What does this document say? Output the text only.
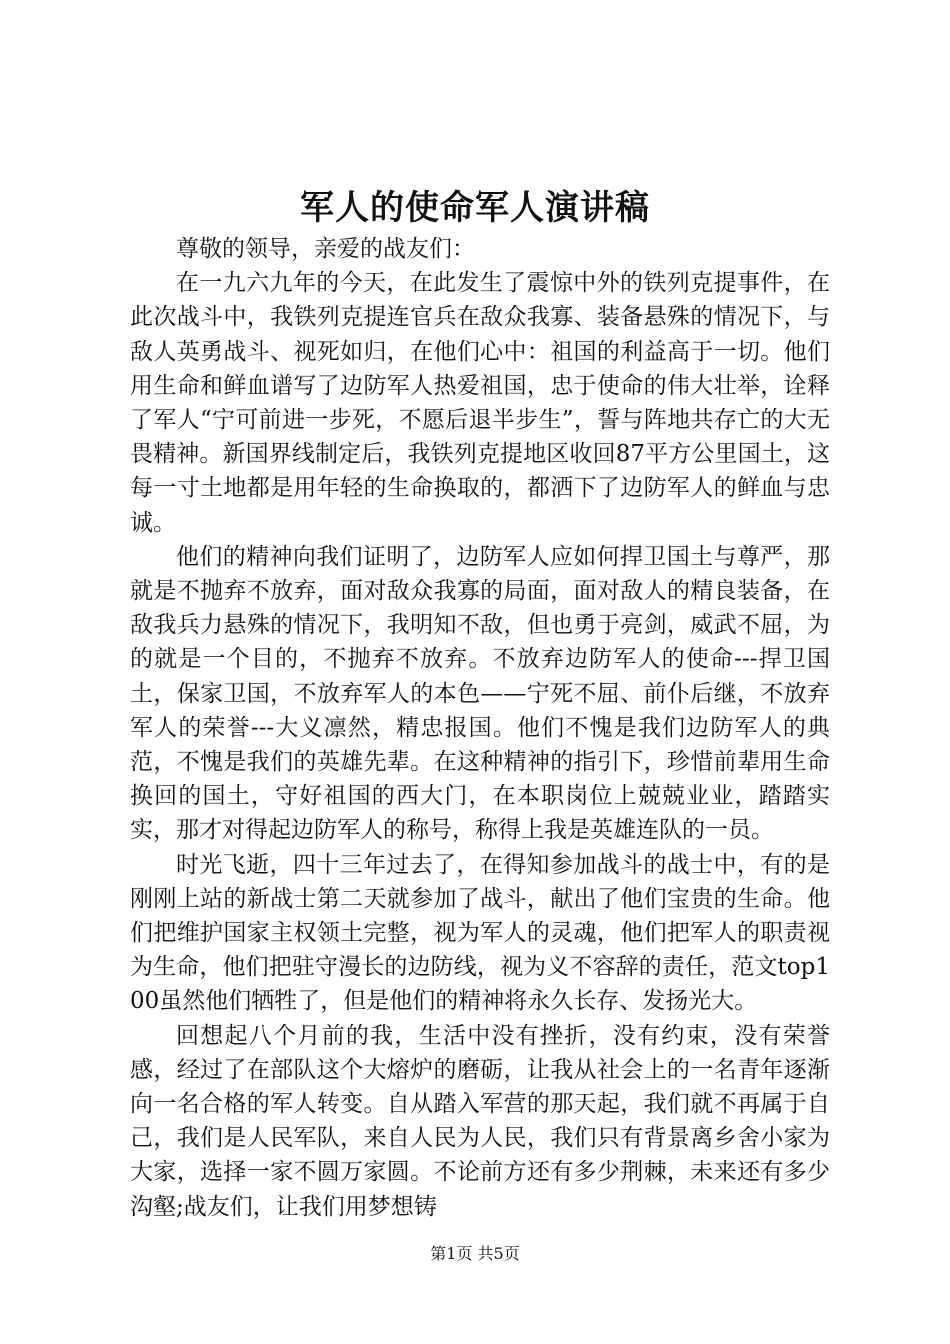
军人的使命军人演讲稿

尊敬的领导，亲爱的战友们：

在一九六九年的今天，在此发生了震惊中外的铁列克提事件，在此次战斗中，我铁列克提连官兵在敌众我寡、装备悬殊的情况下，与敌人英勇战斗、视死如归，在他们心中：祖国的利益高于一切。他们用生命和鲜血谱写了边防军人热爱祖国，忠于使命的伟大壮举，诠释了军人“宁可前进一步死，不愿后退半步生”，誓与阵地共存亡的大无畏精神。新国界线制定后，我铁列克提地区收回87平方公里国土，这每一寸土地都是用年轻的生命换取的，都洒下了边防军人的鲜血与忠诚。

他们的精神向我们证明了，边防军人应如何捍卫国土与尊严，那就是不抛弃不放弃，面对敌众我寡的局面，面对敌人的精良装备，在敌我兵力悬殊的情况下，我明知不敌，但也勇于亮剑，威武不屈，为的就是一个目的，不抛弃不放弃。不放弃边防军人的使命---捍卫国土，保家卫国，不放弃军人的本色——宁死不屈、前仆后继，不放弃军人的荣誉---大义凛然，精忠报国。他们不愧是我们边防军人的典范，不愧是我们的英雄先辈。在这种精神的指引下，珍惜前辈用生命换回的国土，守好祖国的西大门，在本职岗位上兢兢业业，踏踏实实，那才对得起边防军人的称号，称得上我是英雄连队的一员。

时光飞逝，四十三年过去了，在得知参加战斗的战士中，有的是刚刚上站的新战士第二天就参加了战斗，献出了他们宝贵的生命。他们把维护国家主权领土完整，视为军人的灵魂，他们把军人的职责视为生命，他们把驻守漫长的边防线，视为义不容辞的责任，范文top100虽然他们牺牲了，但是他们的精神将永久长存、发扬光大。

回想起八个月前的我，生活中没有挫折，没有约束，没有荣誉感，经过了在部队这个大熔炉的磨砺，让我从社会上的一名青年逐渐向一名合格的军人转变。自从踏入军营的那天起，我们就不再属于自己，我们是人民军队，来自人民为人民，我们只有背景离乡舍小家为大家，选择一家不圆万家圆。不论前方还有多少荆棘，未来还有多少沟壑;战友们，让我们用梦想铸

第1页 共5页
